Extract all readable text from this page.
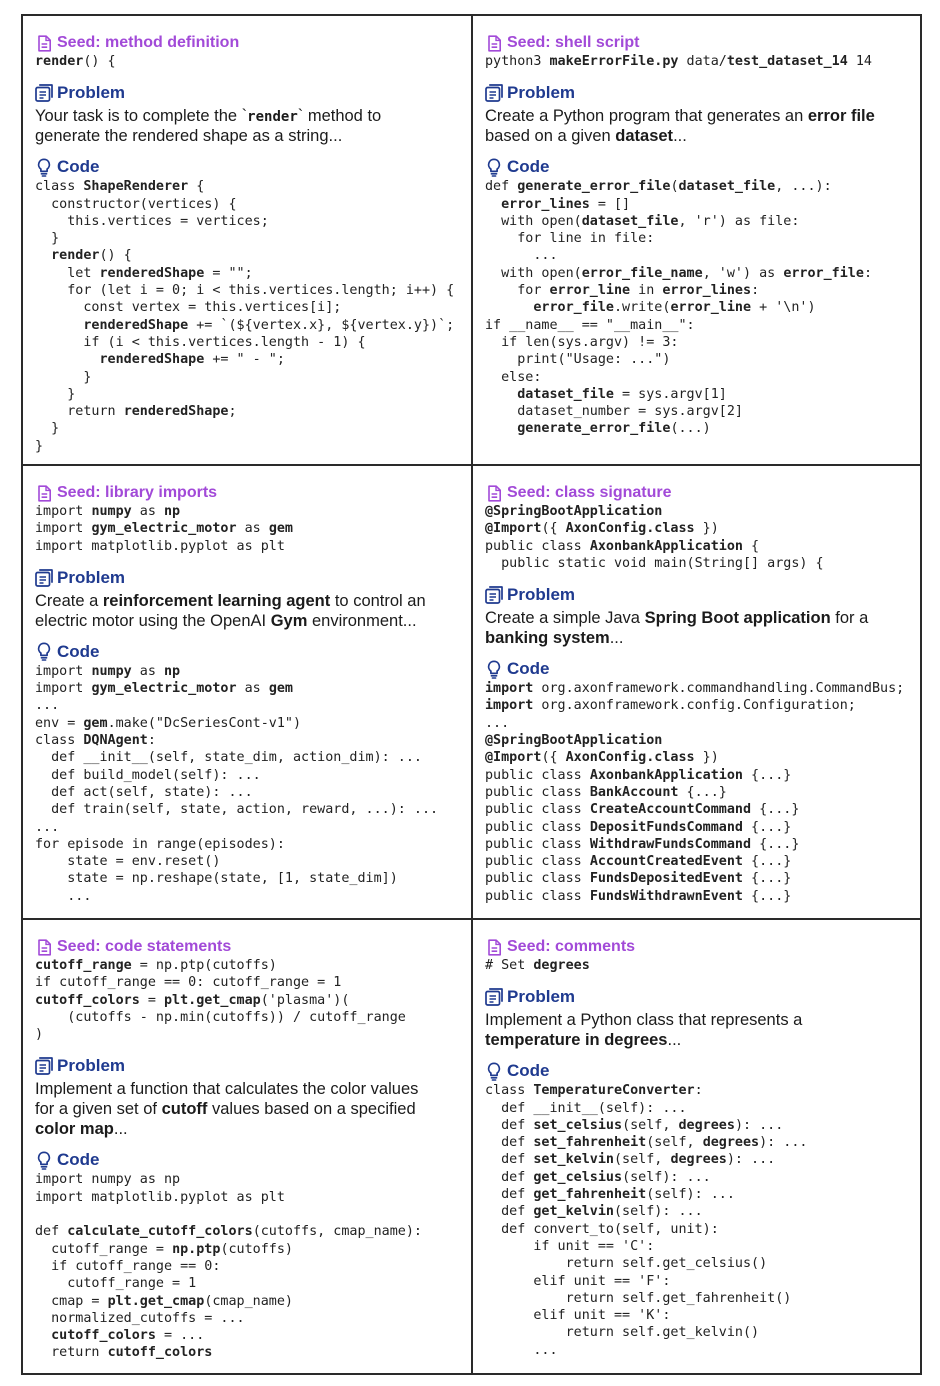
Seed: method definition
render() {
Problem
Your task is to complete the `render` method to
generate the rendered shape as a string...
Code
class ShapeRenderer {
constructor(vertices) {
this.vertices = vertices;
}
render() {
let renderedShape = "";
for (let i = 0; i < this.vertices.length; i++) {
const vertex = this.vertices[i];
renderedShape += `(${vertex.x}, ${vertex.y})`;
if (i < this.vertices.length - 1) {
renderedShape += " - ";
}
}
return renderedShape;
}
}
Seed: shell script
python3 makeErrorFile.py data/test_dataset_14 14
Problem
Create a Python program that generates an error file
based on a given dataset...
Code
def generate_error_file(dataset_file, ...):
error_lines = []
with open(dataset_file, 'r') as file:
for line in file:
...
with open(error_file_name, 'w') as error_file:
for error_line in error_lines:
error_file.write(error_line + '\n')
if __name__ == "__main__":
if len(sys.argv) != 3:
print("Usage: ...")
else:
dataset_file = sys.argv[1]
dataset_number = sys.argv[2]
generate_error_file(...)
Seed: library imports
import numpy as np
import gym_electric_motor as gem
import matplotlib.pyplot as plt
Problem
Create a reinforcement learning agent to control an
electric motor using the OpenAI Gym environment...
Code
import numpy as np
import gym_electric_motor as gem
...
env = gem.make("DcSeriesCont-v1")
class DQNAgent:
def __init__(self, state_dim, action_dim): ...
def build_model(self): ...
def act(self, state): ...
def train(self, state, action, reward, ...): ...
...
for episode in range(episodes):
state = env.reset()
state = np.reshape(state, [1, state_dim])
...
Seed: class signature
@SpringBootApplication
@Import({ AxonConfig.class })
public class AxonbankApplication {
public static void main(String[] args) {
Problem
Create a simple Java Spring Boot application for a
banking system...
Code
import org.axonframework.commandhandling.CommandBus;
import org.axonframework.config.Configuration;
...
@SpringBootApplication
@Import({ AxonConfig.class })
public class AxonbankApplication {...}
public class BankAccount {...}
public class CreateAccountCommand {...}
public class DepositFundsCommand {...}
public class WithdrawFundsCommand {...}
public class AccountCreatedEvent {...}
public class FundsDepositedEvent {...}
public class FundsWithdrawnEvent {...}
Seed: code statements
cutoff_range = np.ptp(cutoffs)
if cutoff_range == 0: cutoff_range = 1
cutoff_colors = plt.get_cmap('plasma')(
(cutoffs - np.min(cutoffs)) / cutoff_range
)
Problem
Implement a function that calculates the color values
for a given set of cutoff values based on a specified
color map...
Code
import numpy as np
import matplotlib.pyplot as plt
def calculate_cutoff_colors(cutoffs, cmap_name):
cutoff_range = np.ptp(cutoffs)
if cutoff_range == 0:
cutoff_range = 1
cmap = plt.get_cmap(cmap_name)
normalized_cutoffs = ...
cutoff_colors = ...
return cutoff_colors
Seed: comments
# Set degrees
Problem
Implement a Python class that represents a
temperature in degrees...
Code
class TemperatureConverter:
def __init__(self): ...
def set_celsius(self, degrees): ...
def set_fahrenheit(self, degrees): ...
def set_kelvin(self, degrees): ...
def get_celsius(self): ...
def get_fahrenheit(self): ...
def get_kelvin(self): ...
def convert_to(self, unit):
if unit == 'C':
return self.get_celsius()
elif unit == 'F':
return self.get_fahrenheit()
elif unit == 'K':
return self.get_kelvin()
...
